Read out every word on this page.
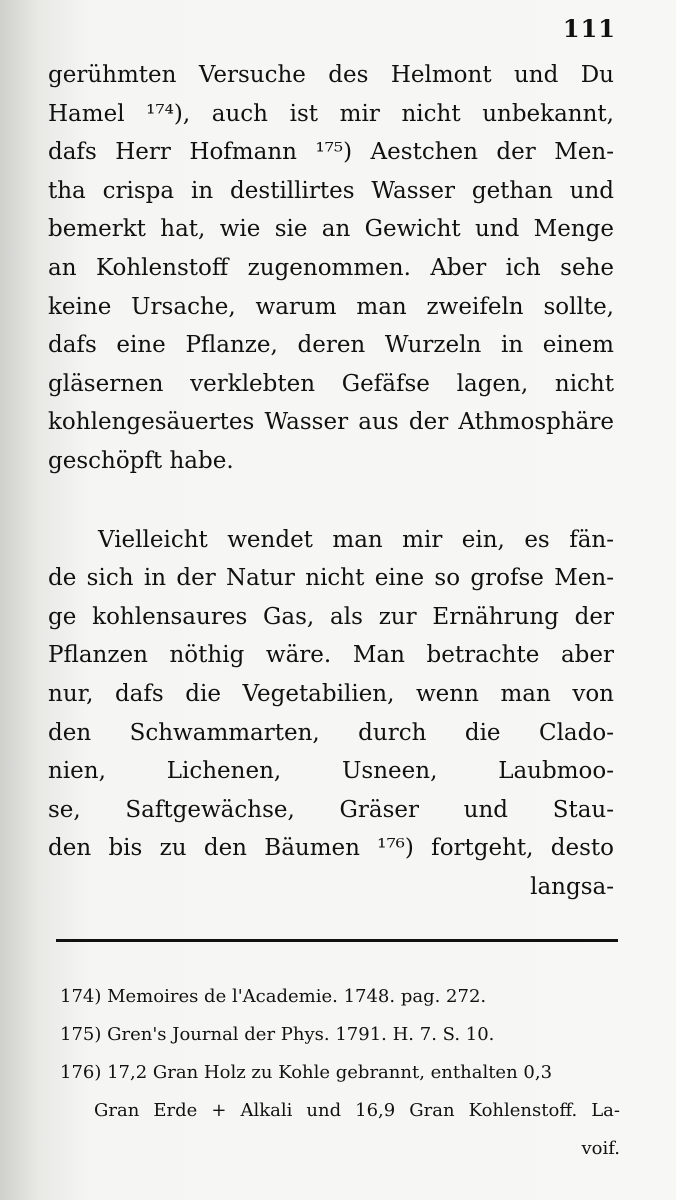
111
gerühmten Versuche des Helmont und Du
Hamel ¹⁷⁴), auch ist mir nicht unbekannt,
dafs Herr Hofmann ¹⁷⁵) Aestchen der Men-
tha crispa in destillirtes Wasser gethan und
bemerkt hat, wie sie an Gewicht und Menge
an Kohlenstoff zugenommen. Aber ich sehe
keine Ursache, warum man zweifeln sollte,
dafs eine Pflanze, deren Wurzeln in einem
gläsernen verklebten Gefäfse lagen, nicht
kohlengesäuertes Wasser aus der Athmosphäre
geschöpft habe.
Vielleicht wendet man mir ein, es fän-
de sich in der Natur nicht eine so grofse Men-
ge kohlensaures Gas, als zur Ernährung der
Pflanzen nöthig wäre. Man betrachte aber
nur, dafs die Vegetabilien, wenn man von
den Schwammarten, durch die Clado-
nien, Lichenen, Usneen, Laubmoo-
se, Saftgewächse, Gräser und Stau-
den bis zu den Bäumen ¹⁷⁶) fortgeht, desto
langsa-
174) Memoires de l'Academie. 1748. pag. 272.
175) Gren's Journal der Phys. 1791. H. 7. S. 10.
176) 17,2 Gran Holz zu Kohle gebrannt, enthalten 0,3
Gran Erde + Alkali und 16,9 Gran Kohlenstoff. La-
voif.
